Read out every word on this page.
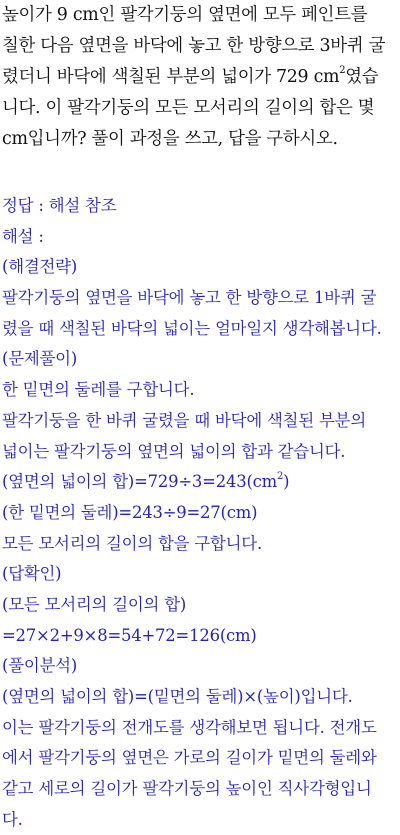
높이가 9 cm인 팔각기둥의 옆면에 모두 페인트를
칠한 다음 옆면을 바닥에 놓고 한 방향으로 3바퀴 굴
렸더니 바닥에 색칠된 부분의 넓이가 729 $cm^2$였습
니다. 이 팔각기둥의 모든 모서리의 길이의 합은 몇
cm입니까? 풀이 과정을 쓰고, 답을 구하시오.
정답 : 해설 참조
해설 :
(해결전략)
팔각기둥의 옆면을 바닥에 놓고 한 방향으로 1바퀴 굴
렸을 때 색칠된 바닥의 넓이는 얼마일지 생각해봅니다.
(문제풀이)
한 밑면의 둘레를 구합니다.
팔각기둥을 한 바퀴 굴렸을 때 바닥에 색칠된 부분의
넓이는 팔각기둥의 옆면의 넓이의 합과 같습니다.
(옆면의 넓이의 합)$=729\div 3=243(cm^2)$
(한 밑면의 둘레)=243÷9=27(cm)
모든 모서리의 길이의 합을 구합니다.
(답확인)
(모든 모서리의 길이의 합)
=27×2+9×8=54+72=126(cm)
(풀이분석)
(옆면의 넓이의 합)=(밑면의 둘레)×(높이)입니다.
이는 팔각기둥의 전개도를 생각해보면 됩니다. 전개도
에서 팔각기둥의 옆면은 가로의 길이가 밑면의 둘레와
같고 세로의 길이가 팔각기둥의 높이인 직사각형입니
다.
